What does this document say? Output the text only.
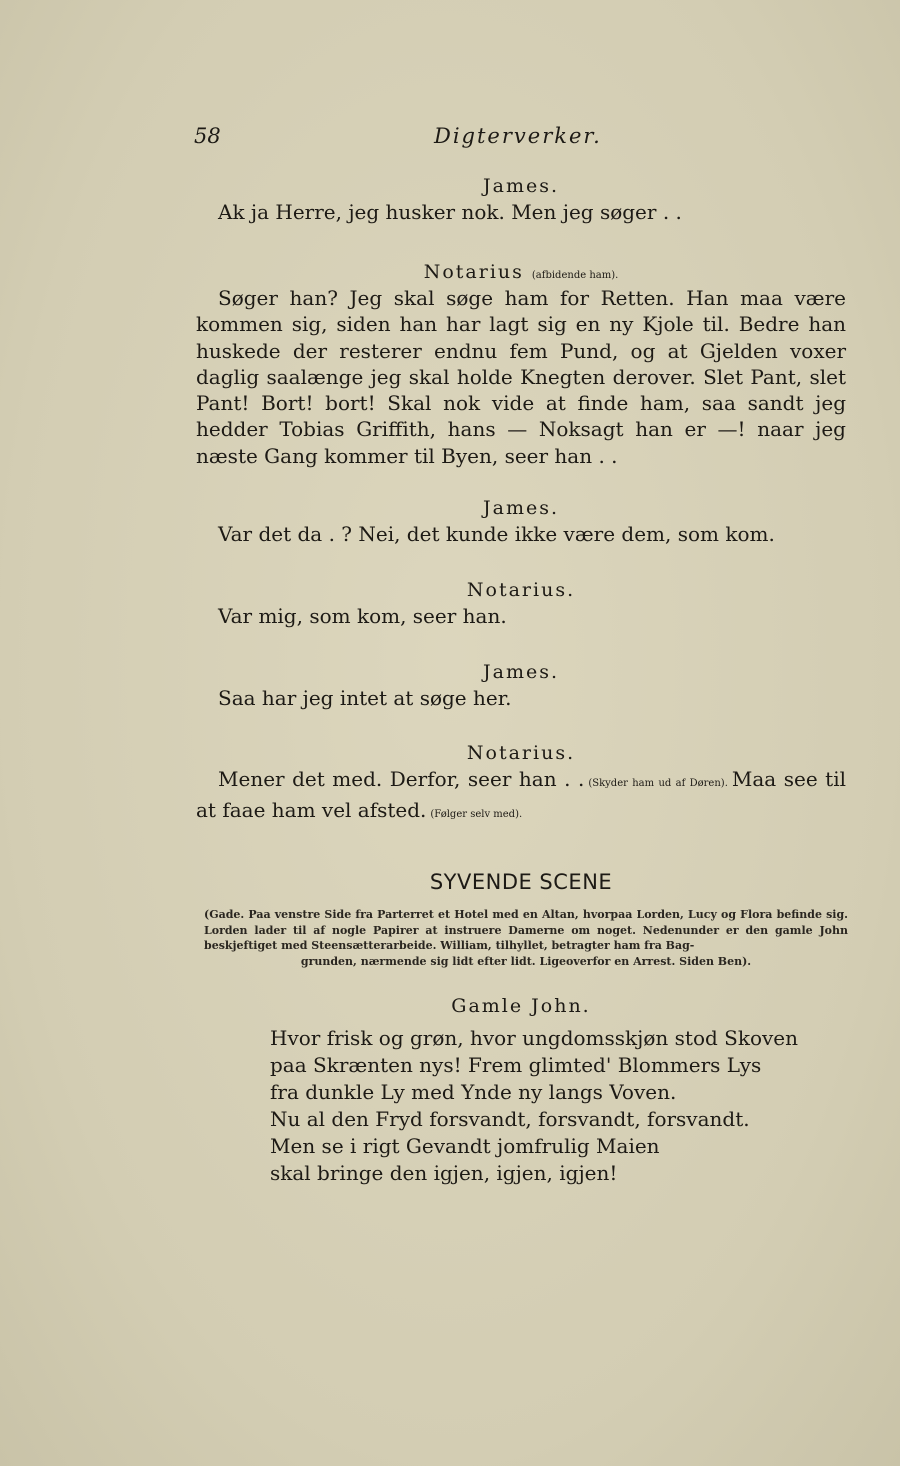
58	Digterverker.

James.

Ak ja Herre, jeg husker nok. Men jeg søger . .

Notarius (afbidende ham).

Søger han? Jeg skal søge ham for Retten. Han maa være kommen sig, siden han har lagt sig en ny Kjole til. Bedre han huskede der resterer endnu fem Pund, og at Gjelden voxer daglig saalænge jeg skal holde Knegten derover. Slet Pant, slet Pant! Bort! bort! Skal nok vide at finde ham, saa sandt jeg hedder Tobias Griffith, hans — Noksagt han er —! naar jeg næste Gang kommer til Byen, seer han . .

James.

Var det da . ? Nei, det kunde ikke være dem, som kom.

Notarius.

Var mig, som kom, seer han.

James.

Saa har jeg intet at søge her.

Notarius.

Mener det med. Derfor, seer han . . (Skyder ham ud af Døren). Maa see til at faae ham vel afsted. (Følger selv med).

SYVENDE SCENE
(Gade. Paa venstre Side fra Parterret et Hotel med en Altan, hvorpaa Lorden, Lucy og Flora befinde sig. Lorden lader til af nogle Papirer at instruere Damerne om noget. Nedenunder er den gamle John beskjeftiget med Steensætterarbeide. William, tilhyllet, betragter ham fra Bag-
grunden, nærmende sig lidt efter lidt. Ligeoverfor en Arrest. Siden Ben).

Gamle John.

Hvor frisk og grøn, hvor ungdomsskjøn stod Skoven
paa Skrænten nys! Frem glimted' Blommers Lys
fra dunkle Ly med Ynde ny langs Voven.
Nu al den Fryd forsvandt, forsvandt, forsvandt.
Men se i rigt Gevandt jomfrulig Maien
skal bringe den igjen, igjen, igjen!
